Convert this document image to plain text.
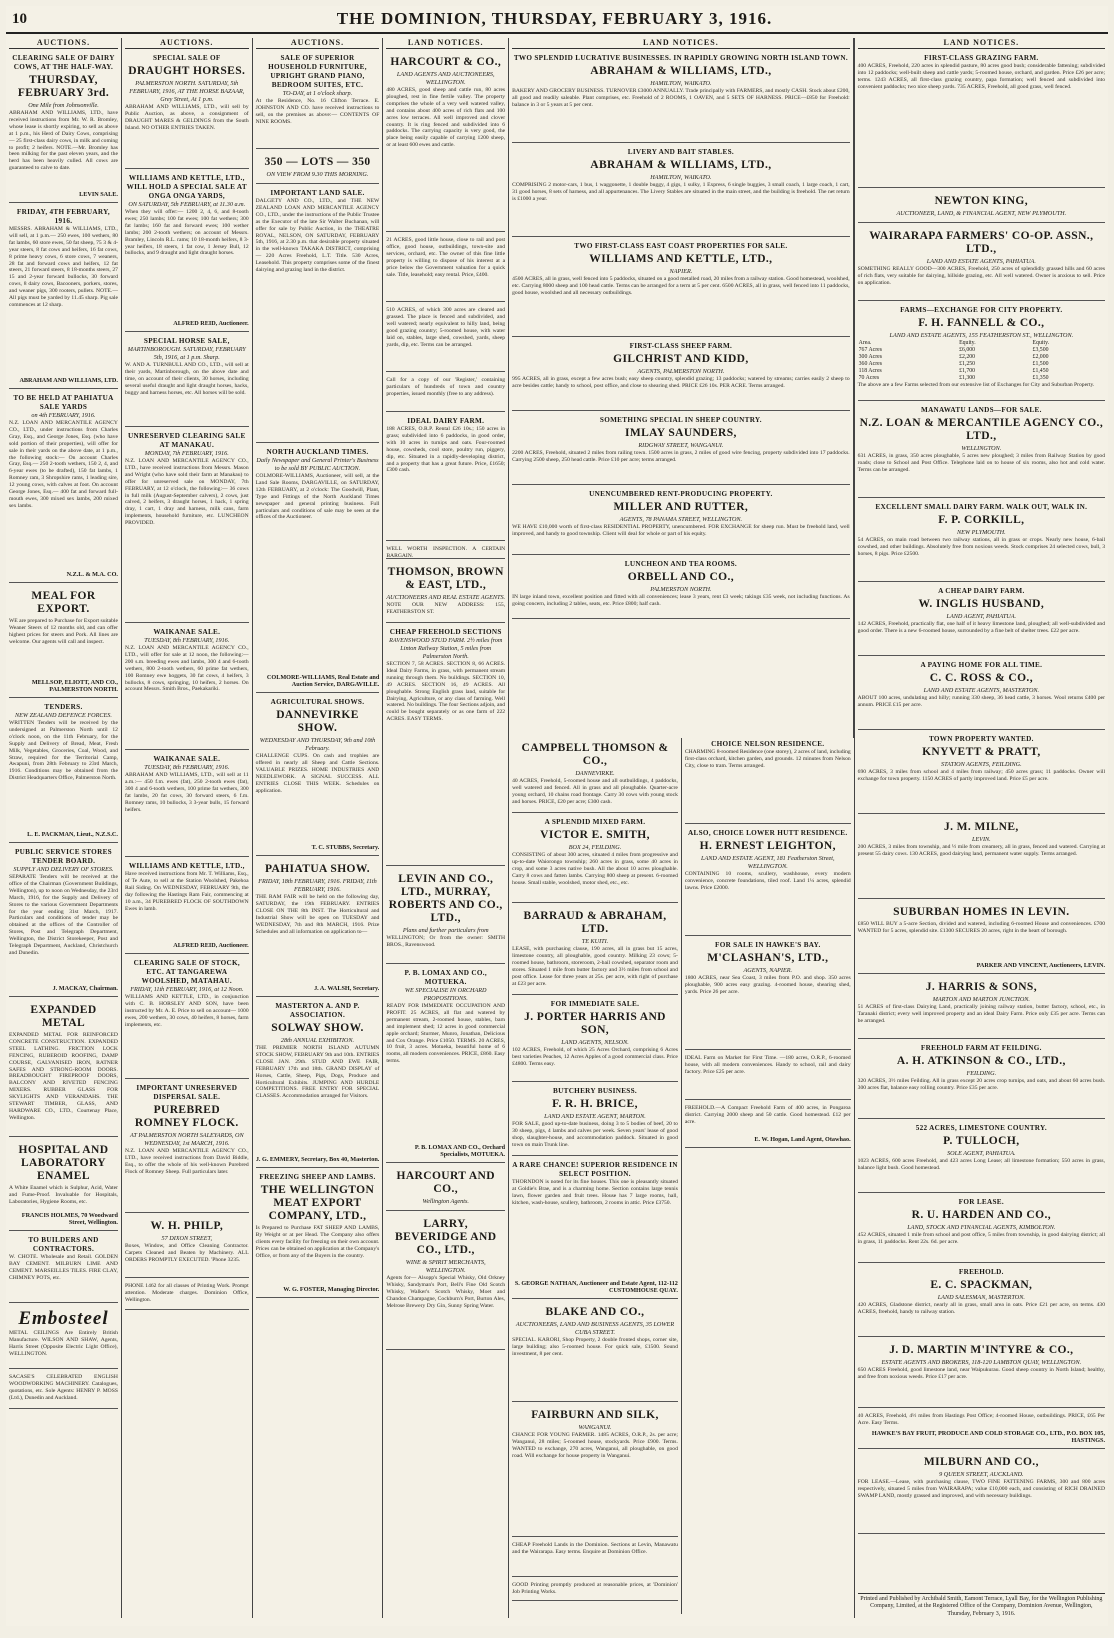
10	THE DOMINION, THURSDAY, FEBRUARY 3, 1916.
AUCTIONS.
CLEARING SALE OF DAIRY COWS, AT THE HALF-WAY.
THURSDAY, FEBRUARY 3rd.
One Mile from Johnsonville.
ABRAHAM AND WILLIAMS, LTD., have received instructions from Mr. W. R. Bromley, whose lease is shortly expiring, to sell as above at 1 p.m., his Herd of Dairy Cows, comprising— 25 first-class dairy cows, in milk and coming to profit; 2 heifers. NOTE.—Mr. Bromley has been milking for the past eleven years, and the herd has been heavily culled. All cows are guaranteed to calve to date.
LEVIN SALE.
FRIDAY, 4TH FEBRUARY, 1916.
MESSRS. ABRAHAM & WILLIAMS, LTD., will sell, at 1 p.m.— 250 ewes, 100 wethers, 80 fat lambs, 60 store ewes, 50 fat sheep, 75 3 & 4-year steers, 8 fat cows and heifers, 16 fat cows, 8 prime heavy cows, 6 store cows, 7 weaners, 28 fat and forward cows and heifers, 12 fat steers, 21 forward steers, 8 18-months steers, 27 15 and 2-year forward bullocks, 30 forward cows, 8 dairy cows, Bacooners, porkers, stores, and weaner pigs, 300 rooters, pullets. NOTE.—All pigs must be yarded by 11.45 sharp. Pig sale commences at 12 sharp.
ABRAHAM AND WILLIAMS, LTD.
TO BE HELD AT PAHIATUA SALE YARDS
on 4th FEBRUARY, 1916.
N.Z. LOAN AND MERCANTILE AGENCY CO., LTD., under instructions from Charles Gray, Esq., and George Jones, Esq. (who have sold portion of their properties), will offer for sale in their yards on the above date, at 1 p.m., the following stock:— On account Charles Gray, Esq.— 250 2-tooth wethers, 150 2, 4, and 6-year ewes (to be drafted), 150 fat lambs, 1 Romney ram, 3 Shropshire rams, 1 leading sire, 12 young cows, with calves at foot. On account George Jones, Esq.— 400 fat and forward full-mouth ewes, 300 mixed sex lambs, 200 mixed sex lambs.
N.Z.L. & M.A. CO.
MEAL FOR EXPORT.
WE are prepared to Purchase for Export suitable Weaner Steers of 12 months old, and can offer highest prices for steers and Pork. All lines are welcome. Our agents will call and inspect.
MELLSOP, ELIOTT, AND CO., PALMERSTON NORTH.
TENDERS.
NEW ZEALAND DEFENCE FORCES.
WRITTEN Tenders will be received by the undersigned at Palmerston North until 12 o'clock noon, on the 11th February, for the Supply and Delivery of Bread, Meat, Fresh Milk, Vegetables, Groceries, Coal, Wood, and Straw, required for the Territorial Camp, Awapuni, from 28th February to 23rd March, 1916. Conditions may be obtained from the District Headquarters Office, Palmerston North.
L. E. PACKMAN, Lieut., N.Z.S.C.
PUBLIC SERVICE STORES TENDER BOARD.
SUPPLY AND DELIVERY OF STORES.
SEPARATE Tenders will be received at the office of the Chairman (Government Buildings, Wellington), up to noon on Wednesday, the 23rd March, 1916, for the Supply and Delivery of Stores to the various Government Departments for the year ending 31st March, 1917. Particulars and conditions of tender may be obtained at the offices of the Controller of Stores, Post and Telegraph Department, Wellington, the District Storekeeper, Post and Telegraph Department, Auckland, Christchurch and Dunedin.
J. MACKAY, Chairman.
EXPANDED METAL
EXPANDED METAL FOR REINFORCED CONCRETE CONSTRUCTION. EXPANDED STEEL LATHING. FRICTION LOCK FENCING, RUBEROID ROOFING, DAMP COURSE, GALVANISED IRON, RATNER SAFES AND STRONG-ROOM DOORS. BREADBOUGHT FIREPROOF DOORS, BALCONY AND RIVETED FENCING MIXERS. RUBBER GLASS FOR SKYLIGHTS AND VERANDAHS. THE STEWART TIMBER, GLASS, AND HARDWARE CO., LTD., Courtenay Place, Wellington.
HOSPITAL AND LABORATORY ENAMEL
A White Enamel which is Sulphur, Acid, Water and Fume-Proof. Invaluable for Hospitals, Laboratories, Hygiene Rooms, etc.
FRANCIS HOLMES, 70 Woodward Street, Wellington.
TO BUILDERS AND CONTRACTORS.
W. CHOTE. Wholesale and Retail. GOLDEN BAY CEMENT. MILBURN LIME AND CEMENT. MARSEILLES TILES. FIRE CLAY, CHIMNEY POTS, etc.
Embosteel
METAL CEILINGS Are Entirely British Manufacture. WILSON AND SHAW, Agents, Harris Street (Opposite Electric Light Office), WELLINGTON.
SACASE'S CELEBRATED ENGLISH WOODWORKING MACHINERY. Catalogues, quotations, etc. Sole Agents: HENRY P. MOSS (Ltd.), Dunedin and Auckland.
AUCTIONS.
SPECIAL SALE OF
DRAUGHT HORSES.
PALMERSTON NORTH. SATURDAY, 5th FEBRUARY, 1916, AT THE HORSE BAZAAR, Grey Street, At 1 p.m.
ABRAHAM AND WILLIAMS, LTD., will sell by Public Auction, as above, a consignment of DRAUGHT MARES & GELDINGS from the South Island. NO OTHER ENTRIES TAKEN.
WILLIAMS AND KETTLE, LTD., WILL HOLD A SPECIAL SALE AT ONGA ONGA YARDS,
ON SATURDAY, 5th FEBRUARY, at 11.30 a.m.
When they will offer:— 1200 2, 4, 6, and 8-tooth ewes; 250 lambs; 100 fat ewes; 100 fat wethers; 300 fat lambs; 160 fat and forward ewes; 100 wether lambs; 200 2-tooth wethers; on account of Messrs. Bramley, Lincoln R.L. rams; 10 18-month heifers, 8 3-year heifers, 18 steers, 1 fat cow, 1 Jersey Bull, 12 bullocks, and 9 draught and light draught horses.
ALFRED REID, Auctioneer.
SPECIAL HORSE SALE,
MARTINBOROUGH. SATURDAY, FEBRUARY 5th, 1916, at 1 p.m. Sharp.
W. AND A. TURNBULL AND CO., LTD., will sell at their yards, Martinborough, on the above date and time, on account of their clients, 30 horses, including several useful draught and light draught horses, hacks, buggy and harness horses, etc. All horses will be sold.
UNRESERVED CLEARING SALE AT MANAKAU.
MONDAY, 7th FEBRUARY, 1916.
N.Z. LOAN AND MERCANTILE AGENCY CO., LTD., have received instructions from Messrs. Mason and Wright (who have sold their farm at Manakau) to offer for unreserved sale on MONDAY, 7th FEBRUARY, at 12 o'clock, the following:— 36 cows in full milk (August-September calvers), 2 cows, just calved, 2 heifers, 3 draught horses, 1 hack, 1 spring dray, 1 cart, 1 dray and harness, milk cans, farm implements, household furniture, etc. LUNCHEON PROVIDED.
WAIKANAE SALE.
TUESDAY, 8th FEBRUARY, 1916.
N.Z. LOAN AND MERCANTILE AGENCY CO., LTD., will offer for sale at 12 noon, the following:— 200 s.m. breeding ewes and lambs, 300 4 and 6-tooth wethers, 800 2-tooth wethers, 60 prime fat wethers, 100 Romney ewe hoggets, 30 fat cows, 4 heifers, 3 bullocks, 8 cows, springing, 10 heifers, 2 horses. On account Messrs. Smith Bros., Paekakariki.
WAIKANAE SALE.
TUESDAY, 8th FEBRUARY, 1916.
ABRAHAM AND WILLIAMS, LTD., will sell at 11 a.m.:— 450 f.m. ewes (fat), 250 2-tooth ewes (fat), 300 4 and 6-tooth wethers, 100 prime fat wethers, 300 fat lambs, 20 fat cows, 30 forward steers, 6 f.m. Romney rams, 10 bullocks, 3 3-year bulls, 15 forward heifers.
WILLIAMS AND KETTLE, LTD.,
Have received instructions from Mr. T. Williams, Esq., of Te Aute, to sell at the Station Woolshed, Pakehoa Rail Siding. On WEDNESDAY, FEBRUARY 9th, the day following the Hastings Ram Fair, commencing at 10 a.m., 34 PUREBRED FLOCK OF SOUTHDOWN Ewes in lamb.
ALFRED REID, Auctioneer.
CLEARING SALE OF STOCK, ETC. AT TANGAREWA WOOLSHED, MATAHAU.
FRIDAY, 11th FEBRUARY, 1916, at 12 Noon.
WILLIAMS AND KETTLE, LTD., in conjunction with C. B. HORSLEY AND SON, have been instructed by Mr. A. E. Price to sell on account— 1000 ewes, 200 wethers, 30 cows, 40 heifers, 8 horses, farm implements, etc.
IMPORTANT UNRESERVED DISPERSAL SALE.
PUREBRED ROMNEY FLOCK.
AT PALMERSTON NORTH SALEYARDS, ON WEDNESDAY, 1st MARCH, 1916.
N.Z. LOAN AND MERCANTILE AGENCY CO., LTD., have received instructions from David Biddle, Esq., to offer the whole of his well-known Purebred Flock of Romney Sheep. Full particulars later.
W. H. PHILP,
57 DIXON STREET,
Boxes, Window, and Office Cleaning Contractor. Carpets Cleaned and Beaten by Machinery. ALL ORDERS PROMPTLY EXECUTED. 'Phone 3235.
PHONE 1462 for all classes of Printing Work. Prompt attention. Moderate charges. Dominion Office, Wellington.
AUCTIONS.
SALE OF SUPERIOR HOUSEHOLD FURNITURE, UPRIGHT GRAND PIANO, BEDROOM SUITES, ETC.
TO-DAY, at 1 o'clock sharp.
At the Residence, No. 16 Clifton Terrace. E. JOHNSTON AND CO. have received instructions to sell, on the premises as above:— CONTENTS OF NINE ROOMS.
350 — LOTS — 350
ON VIEW FROM 9.30 THIS MORNING.
IMPORTANT LAND SALE.
DALGETY AND CO., LTD., and THE NEW ZEALAND LOAN AND MERCANTILE AGENCY CO., LTD., under the instructions of the Public Trustee as the Executor of the late Sir Walter Buchanan, will offer for sale by Public Auction, in the THEATRE ROYAL, NELSON, ON SATURDAY, FEBRUARY 5th, 1916, at 2.30 p.m. that desirable property situated in the well-known TAKAKA DISTRICT, comprising— 220 Acres Freehold, L.T. Title. 530 Acres, Leasehold. This property comprises some of the finest dairying and grazing land in the district.
NORTH AUCKLAND TIMES.
Daily Newspaper and General Printer's Business to be sold BY PUBLIC AUCTION.
COLMORE-WILLIAMS, Auctioneer, will sell, at the Land Sale Rooms, DARGAVILLE, on SATURDAY, 12th FEBRUARY, at 2 o'clock: The Goodwill, Plant, Type and Fittings of the North Auckland Times newspaper and general printing business. Full particulars and conditions of sale may be seen at the offices of the Auctioneer.
COLMORE-WILLIAMS, Real Estate and Auction Service, DARGAVILLE.
AGRICULTURAL SHOWS.
DANNEVIRKE SHOW.
WEDNESDAY AND THURSDAY, 9th and 10th February.
CHALLENGE CUPS. On cash and trophies are offered in nearly all Sheep and Cattle Sections. VALUABLE PRIZES. HOME INDUSTRIES AND NEEDLEWORK. A SIGNAL SUCCESS. ALL ENTRIES CLOSE THIS WEEK. Schedules on application.
T. C. STUBBS, Secretary.
PAHIATUA SHOW.
FRIDAY, 18th FEBRUARY, 1916. FRIDAY, 11th FEBRUARY, 1916.
THE RAM FAIR will be held on the following day, SATURDAY, the 19th FEBRUARY. ENTRIES CLOSE ON THE 8th INST. The Horticultural and Industrial Show will be open on TUESDAY and WEDNESDAY, 7th and 8th MARCH, 1916. Prize Schedules and all information on application to—
J. A. WALSH, Secretary.
MASTERTON A. AND P. ASSOCIATION.
SOLWAY SHOW.
28th ANNUAL EXHIBITION.
THE PREMIER NORTH ISLAND AUTUMN STOCK SHOW, FEBRUARY 9th and 10th. ENTRIES CLOSE JAN. 29th. STUD AND EWE FAIR, FEBRUARY 17th and 18th. GRAND DISPLAY of Horses, Cattle, Sheep, Pigs, Dogs, Produce and Horticultural Exhibits. JUMPING AND HURDLE COMPETITIONS. FREE ENTRY FOR SPECIAL CLASSES. Accommodation arranged for Visitors.
J. G. EMMERY, Secretary, Box 40, Masterton.
FREEZING SHEEP AND LAMBS.
THE WELLINGTON MEAT EXPORT COMPANY, LTD.,
Is Prepared to Purchase FAT SHEEP AND LAMBS, By Weight or at per Head. The Company also offers clients every facility for freezing on their own account. Prices can be obtained on application at the Company's Office, or from any of the Buyers in the country.
W. G. FOSTER, Managing Director.
LAND NOTICES.
HARCOURT & CO.,
LAND AGENTS AND AUCTIONEERS, WELLINGTON.
480 ACRES, good sheep and cattle run, 80 acres ploughed, rest in fine fertile valley. The property comprises the whole of a very well watered valley, and contains about 400 acres of rich flats and 100 acres low terraces. All well improved and clover country. It is ring fenced and subdivided into 6 paddocks. The carrying capacity is very good, the place being easily capable of carrying 1200 sheep, or at least 600 ewes and cattle.
21 ACRES, good little house, close to rail and post office, good house, outbuildings, town-site and services, orchard, etc. The owner of this fine little property is willing to dispose of his interest at a price below the Government valuation for a quick sale. Title, leasehold; easy rental. Price, £400.
510 ACRES, of which 300 acres are cleared and grassed. The place is fenced and subdivided, and well watered; nearly equivalent to hilly land, being good grazing country; 5-roomed house, with water laid on, stables, large shed, cowshed, yards, sheep yards, dip, etc. Terms can be arranged.
Call for a copy of our 'Register,' containing particulars of hundreds of town and country properties, issued monthly (free to any address).
IDEAL DAIRY FARM.
188 ACRES, O.R.P. Rental £26 10s.; 150 acres in grass; subdivided into 6 paddocks, in good order, with 10 acres in turnips and oats. Four-roomed house, cowsheds, cool store, poultry run, piggery, dip, etc. Situated in a rapidly-developing district, and a property that has a great future. Price, £1650; £300 cash.
WELL WORTH INSPECTION. A CERTAIN BARGAIN.
THOMSON, BROWN & EAST, LTD.,
AUCTIONEERS AND REAL ESTATE AGENTS.
NOTE OUR NEW ADDRESS: 155, FEATHERSTON ST.
CHEAP FREEHOLD SECTIONS
RAVENSWOOD STUD FARM. 2½ miles from Linton Railway Station, 5 miles from Palmerston North.
SECTION 7, 58 ACRES. SECTION 8, 66 ACRES. Ideal Dairy Farms, in grass, with permanent stream running through them. No buildings. SECTION 10, 49 ACRES. SECTION 16, 49 ACRES. All ploughable. Strong English grass land, suitable for Dairying, Agriculture, or any class of farming. Well watered. No buildings. The four Sections adjoin, and could be bought separately or as one farm of 222 ACRES. EASY TERMS.
LEVIN AND CO., LTD., MURRAY, ROBERTS AND CO., LTD.,
Plans and further particulars from
WELLINGTON; Or from the owner: SMITH BROS., Ravenswood.
P. B. LOMAX AND CO., MOTUEKA.
WE SPECIALISE IN ORCHARD PROPOSITIONS.
READY FOR IMMEDIATE OCCUPATION AND PROFIT. 25 ACRES, all flat and watered by permanent stream, 2-roomed house, stables, barn and implement shed; 12 acres in good commercial apple orchard; Sturmer, Munro, Jonathan, Delicious and Cox Orange. Price £1050. TERMS. 20 ACRES, 10 fruit, 3 acres. Motueka, beautiful home of 6 rooms, all modern conveniences. PRICE, £860. Easy terms.
P. B. LOMAX AND CO., Orchard Specialists, MOTUEKA.
HARCOURT AND CO.,
Wellington Agents.
LARRY, BEVERIDGE AND CO., LTD.,
WINE & SPIRIT MERCHANTS, WELLINGTON.
Agents for— Alsopp's Special Whisky, Old Orkney Whisky, Sandyman's Port, Bell's Fine Old Scotch Whisky, Walker's Scotch Whisky, Moet and Chandon Champagne, Cockburn's Port, Burton Ales, Melrose Brewery Dry Gin, Sunny Spring Water.
LAND NOTICES.
TWO SPLENDID LUCRATIVE BUSINESSES. IN RAPIDLY GROWING NORTH ISLAND TOWN.
ABRAHAM & WILLIAMS, LTD.,
HAMILTON, WAIKATO.
BAKERY AND GROCERY BUSINESS. TURNOVER £3000 ANNUALLY. Trade principally with FARMERS, and mostly CASH. Stock about £200, all good and readily saleable. Plant comprises, etc. Freehold of 2 ROOMS, 1 OAVEN, and 5 SETS OF HARNESS. PRICE—£850 for Freehold: balance in 3 or 5 years at 5 per cent.
LIVERY AND BAIT STABLES.
ABRAHAM & WILLIAMS, LTD.,
HAMILTON, WAIKATO.
COMPRISING 2 motor-cars, 1 bus, 1 waggonette, 1 double buggy, 4 gigs, 1 sulky, 1 Express, 6 single buggies, 3 small coach, 1 large coach, 1 cart, 31 good horses, 8 sets of harness, and all appurtenances. The Livery Stables are situated in the main street, and the building is freehold. The net return is £1000 a year.
TWO FIRST-CLASS EAST COAST PROPERTIES FOR SALE.
WILLIAMS AND KETTLE, LTD.,
NAPIER.
4500 ACRES, all in grass, well fenced into 5 paddocks, situated on a good metalled road, 20 miles from a railway station. Good homestead, woolshed, etc. Carrying 8000 sheep and 100 head cattle. Terms can be arranged for a term at 5 per cent. 6500 ACRES, all in grass, well fenced into 11 paddocks, good house, woolshed and all necessary outbuildings.
FIRST-CLASS SHEEP FARM.
GILCHRIST AND KIDD,
AGENTS, PALMERSTON NORTH.
995 ACRES, all in grass, except a few acres bush; easy sheep country, splendid grazing; 13 paddocks; watered by streams; carries easily 2 sheep to acre besides cattle; handy to school, post office, and close to shearing shed. PRICE £26 10s. PER ACRE. Terms arranged.
SOMETHING SPECIAL IN SHEEP COUNTRY.
IMLAY SAUNDERS,
RIDGWAY STREET, WANGANUI.
2200 ACRES, Freehold, situated 2 miles from railing town. 1500 acres in grass, 2 miles of good wire fencing, property subdivided into 17 paddocks. Carrying 2500 sheep, 250 head cattle. Price £10 per acre; terms arranged.
UNENCUMBERED RENT-PRODUCING PROPERTY.
MILLER AND RUTTER,
AGENTS, 78 PANAMA STREET, WELLINGTON.
WE HAVE £10,000 worth of first-class RESIDENTIAL PROPERTY, unencumbered. FOR EXCHANGE for sheep run. Must be freehold land, well improved, and handy to good township. Client will deal for whole or part of his equity.
LUNCHEON AND TEA ROOMS.
ORBELL AND CO.,
PALMERSTON NORTH.
IN large inland town, excellent position and fitted with all conveniences; lease 3 years, rent £3 week; takings £35 week, not including functions. As going concern, including 2 tables, seats, etc. Price £800; half cash.
CAMPBELL THOMSON & CO.,
DANNEVIRKE.
40 ACRES, Freehold, 5-roomed house and all outbuildings, 4 paddocks, well watered and fenced. All in grass and all ploughable. Quarter-acre young orchard, 10 chains road frontage. Carry 30 cows with young stock and horses. PRICE, £20 per acre; £300 cash.
A SPLENDID MIXED FARM.
VICTOR E. SMITH,
BOX 24, FEILDING.
CONSISTING of about 300 acres, situated 4 miles from progressive and up-to-date Waiorongo township; 260 acres in grass, some 40 acres in crop, and some 3 acres native bush. All the about 10 acres ploughable. Carry 8 cows and fatten lambs. Carrying 800 sheep at present. 6-roomed house. Small stable, woolshed, motor shed, etc., etc.
BARRAUD & ABRAHAM, LTD.
TE KUITI.
LEASE, with purchasing clause, 190 acres, all in grass but 15 acres, limestone country, all ploughable, good country. Milking 23 cows; 5-roomed house, bathroom, storeroom, 2-bail cowshed, separator room and stores. Situated 1 mile from butter factory and 3½ miles from school and post office. Lease for three years at 25s. per acre, with right of purchase at £23 per acre.
FOR IMMEDIATE SALE.
J. PORTER HARRIS AND SON,
LAND AGENTS, NELSON.
102 ACRES, Freehold, of which 25 Acres Orchard, comprising 6 Acres best varieties Peaches, 12 Acres Apples of a good commercial class. Price £4800. Terms easy.
BUTCHERY BUSINESS.
F. R. H. BRICE,
LAND AND ESTATE AGENT, MARTON.
FOR SALE, good up-to-date business, doing 3 to 5 bodies of beef, 20 to 30 sheep, pigs, 4 lambs and calves per week. Seven years' lease of good shop, slaughter-house, and accommodation paddock. Situated in good town on main Trunk line.
A RARE CHANCE! SUPERIOR RESIDENCE IN SELECT POSITION.
THORNDON is noted for its fine houses. This one is pleasantly situated at Goldie's Brae, and is a charming home. Section contains large tennis lawn, flower garden and fruit trees. House has 7 large rooms, hall, kitchen, wash-house, scullery, bathroom, 2 rooms in attic. Price £3750.
S. GEORGE NATHAN, Auctioneer and Estate Agent, 112-112 CUSTOMHOUSE QUAY.
BLAKE AND CO.,
AUCTIONEERS, LAND AND BUSINESS AGENTS, 35 LOWER CUBA STREET.
SPECIAL. KARORI, Shop Property, 2 double fronted shops, corner site, large building; also 5-roomed house. For quick sale, £1500. Sound investment, 8 per cent.
FAIRBURN AND SILK,
WANGANUI.
CHANCE FOR YOUNG FARMER. 1485 ACRES, O.R.P., 2s. per acre; Wanganui, 28 miles; 5-roomed house, stockyards. Price £900. Terms. WANTED to exchange, 270 acres, Wanganui, all ploughable, on good road. Will exchange for house property in Wanganui.
CHEAP Freehold Lands in the Dominion. Sections at Levin, Manawatu and the Wairarapa. Easy terms. Enquire at Dominion Office.
GOOD Printing promptly produced at reasonable prices, at 'Dominion' Job Printing Works.
CHOICE NELSON RESIDENCE.
CHARMING 8-roomed Residence (one storey), 2 acres of land, including first-class orchard, kitchen garden, and grounds. 12 minutes from Nelson City, close to tram. Terms arranged.
ALSO, CHOICE LOWER HUTT RESIDENCE.
H. ERNEST LEIGHTON,
LAND AND ESTATE AGENT, 181 Featherston Street, WELLINGTON.
CONTAINING 10 rooms, scullery, washhouse, every modern convenience, concrete foundations, tiled roof. Land 1¼ acres, splendid lawns. Price £2000.
FOR SALE IN HAWKE'S BAY.
M'CLASHAN'S, LTD.,
AGENTS, NAPIER.
1800 ACRES, near Sea Coast, 3 miles from P.O. and shop. 350 acres ploughable, 900 acres easy grazing. 4-roomed house, shearing shed, yards. Price 26 per acre.
IDEAL Farm on Market for First Time. —180 acres, O.R.P., 6-roomed house, with all modern conveniences. Handy to school, rail and dairy factory. Price £25 per acre.
FREEHOLD.—A Compact Freehold Farm of 400 acres, in Pongaroa district. Carrying 2000 sheep and 50 cattle. Good homestead. £12 per acre.
E. W. Hogan, Land Agent, Otawhao.
LAND NOTICES.
FIRST-CLASS GRAZING FARM.
400 ACRES, Freehold, 220 acres in splendid pasture, 80 acres good bush; considerable fattening; subdivided into 12 paddocks; well-built sheep and cattle yards; 5-roomed house, orchard, and garden. Price £26 per acre; terms. 1243 ACRES, all first-class grazing country, papa formation; well fenced and subdivided into convenient paddocks; two nice sheep yards. 735 ACRES, Freehold, all good grass, well fenced.
NEWTON KING,
AUCTIONEER, LAND, & FINANCIAL AGENT, NEW PLYMOUTH.
WAIRARAPA FARMERS' CO-OP. ASSN., LTD.,
LAND AND ESTATE AGENTS, PAHIATUA.
SOMETHING REALLY GOOD—300 ACRES, Freehold, 250 acres of splendidly grassed hills and 60 acres of rich flats, very suitable for dairying, hillside grazing, etc. All well watered. Owner is anxious to sell. Price on application.
FARMS—EXCHANGE FOR CITY PROPERTY.
F. H. FANNELL & CO.,
LAND AND ESTATE AGENTS, 155 FEATHERSTON ST., WELLINGTON.
Area.	Equity.	Equity.
767 Acres	£6,000	£3,500
300 Acres	£2,200	£2,000
360 Acres	£1,250	£1,500
118 Acres	£1,700	£1,450
70 Acres	£1,300	£1,350
The above are a few Farms selected from our extensive list of Exchanges for City and Suburban Property.
MANAWATU LANDS—FOR SALE.
N.Z. LOAN & MERCANTILE AGENCY CO., LTD.,
WELLINGTON.
631 ACRES, in grass, 350 acres ploughable, 5 acres new ploughed; 3 miles from Railway Station by good roads; close to School and Post Office. Telephone laid on to house of six rooms, also hot and cold water. Terms can be arranged.
EXCELLENT SMALL DAIRY FARM. WALK OUT, WALK IN.
F. P. CORKILL,
NEW PLYMOUTH.
54 ACRES, on main road between two railway stations, all in grass or crops. Nearly new house, 6-bail cowshed, and other buildings. Absolutely free from noxious weeds. Stock comprises 24 selected cows, bull, 3 horses, 8 pigs. Price £2500.
A CHEAP DAIRY FARM.
W. INGLIS HUSBAND,
LAND AGENT, PAHIATUA.
142 ACRES, Freehold, practically flat, one half of it heavy limestone land, ploughed; all well-subdivided and good order. There is a new 6-roomed house, surrounded by a fine belt of shelter trees. £22 per acre.
A PAYING HOME FOR ALL TIME.
C. C. ROSS & CO.,
LAND AND ESTATE AGENTS, MASTERTON.
ABOUT 100 acres, undulating and hilly; running 330 sheep, 36 head cattle, 3 horses. Wool returns £400 per annum. PRICE £15 per acre.
TOWN PROPERTY WANTED.
KNYVETT & PRATT,
STATION AGENTS, FEILDING.
690 ACRES, 3 miles from school and 4 miles from railway; 450 acres grass; 11 paddocks. Owner will exchange for town property. 1150 ACRES of partly improved land. Price £5 per acre.
J. M. MILNE,
LEVIN.
200 ACRES, 3 miles from township, and ½ mile from creamery, all in grass, fenced and watered. Carrying at present 55 dairy cows. 130 ACRES, good dairying land, permanent water supply. Terms arranged.
SUBURBAN HOMES IN LEVIN.
£850 WILL BUY a 5-acre Section, divided and watered, including 6-roomed House and conveniences. £700 WANTED for 5 acres, splendid site. £1300 SECURES 20 acres, right in the heart of borough.
PARKER AND VINCENT, Auctioneers, LEVIN.
J. HARRIS & SONS,
MARTON AND MARTON JUNCTION.
51 ACRES of first-class Dairying Land, practically joining railway station, butter factory, school, etc., in Taranaki district; every well improved property and an ideal Dairy Farm. Price only £35 per acre. Terms can be arranged.
FREEHOLD FARM AT FEILDING.
A. H. ATKINSON & CO., LTD.,
FEILDING.
320 ACRES, 3½ miles Feilding. All in grass except 20 acres crop turnips, and oats, and about 60 acres bush. 300 acres flat, balance easy rolling country. Price £35 per acre.
522 ACRES, LIMESTONE COUNTRY.
P. TULLOCH,
SOLE AGENT, PAHIATUA.
1023 ACRES, 600 acres Freehold, and 423 acres Long Lease; all limestone formation; 550 acres in grass, balance light bush. Good homestead.
FOR LEASE.
R. U. HARDEN AND CO.,
LAND, STOCK AND FINANCIAL AGENTS, KIMBOLTON.
452 ACRES, situated 1 mile from school and post office, 5 miles from township, in good dairying district; all in grass, 11 paddocks. Rent 22s. 6d. per acre.
FREEHOLD.
E. C. SPACKMAN,
LAND SALESMAN, MASTERTON.
420 ACRES, Gladstone district, nearly all in grass, small area in oats. Price £21 per acre, on terms. 430 ACRES, freehold, handy to railway station.
J. D. MARTIN M'INTYRE & CO.,
ESTATE AGENTS AND BROKERS, 118-120 LAMBTON QUAY, WELLINGTON.
650 ACRES Freehold, good limestone land, near Waipukurau. Good sheep country in North Island; healthy, and free from noxious weeds. Price £17 per acre.
40 ACRES, Freehold, 4½ miles from Hastings Post Office; 4-roomed House, outbuildings. PRICE, £65 Per Acre. Easy Terms.
HAWKE'S BAY FRUIT, PRODUCE AND COLD STORAGE CO., LTD., P.O. BOX 105, HASTINGS.
MILBURN AND CO.,
9 QUEEN STREET, AUCKLAND.
FOR LEASE.—Lease, with purchasing clause, TWO FINE FATTENING FARMS, 300 and 800 acres respectively, situated 5 miles from WAIRARAPA; value £10,000 each, and consisting of RICH DRAINED SWAMP LAND, mostly grassed and improved, and with necessary buildings.
Printed and Published by Archibald Smith, Eamont Terrace, Lyall Bay, for the Wellington Publishing Company, Limited, at the Registered Office of the Company, Dominion Avenue, Wellington, Thursday, February 3, 1916.
